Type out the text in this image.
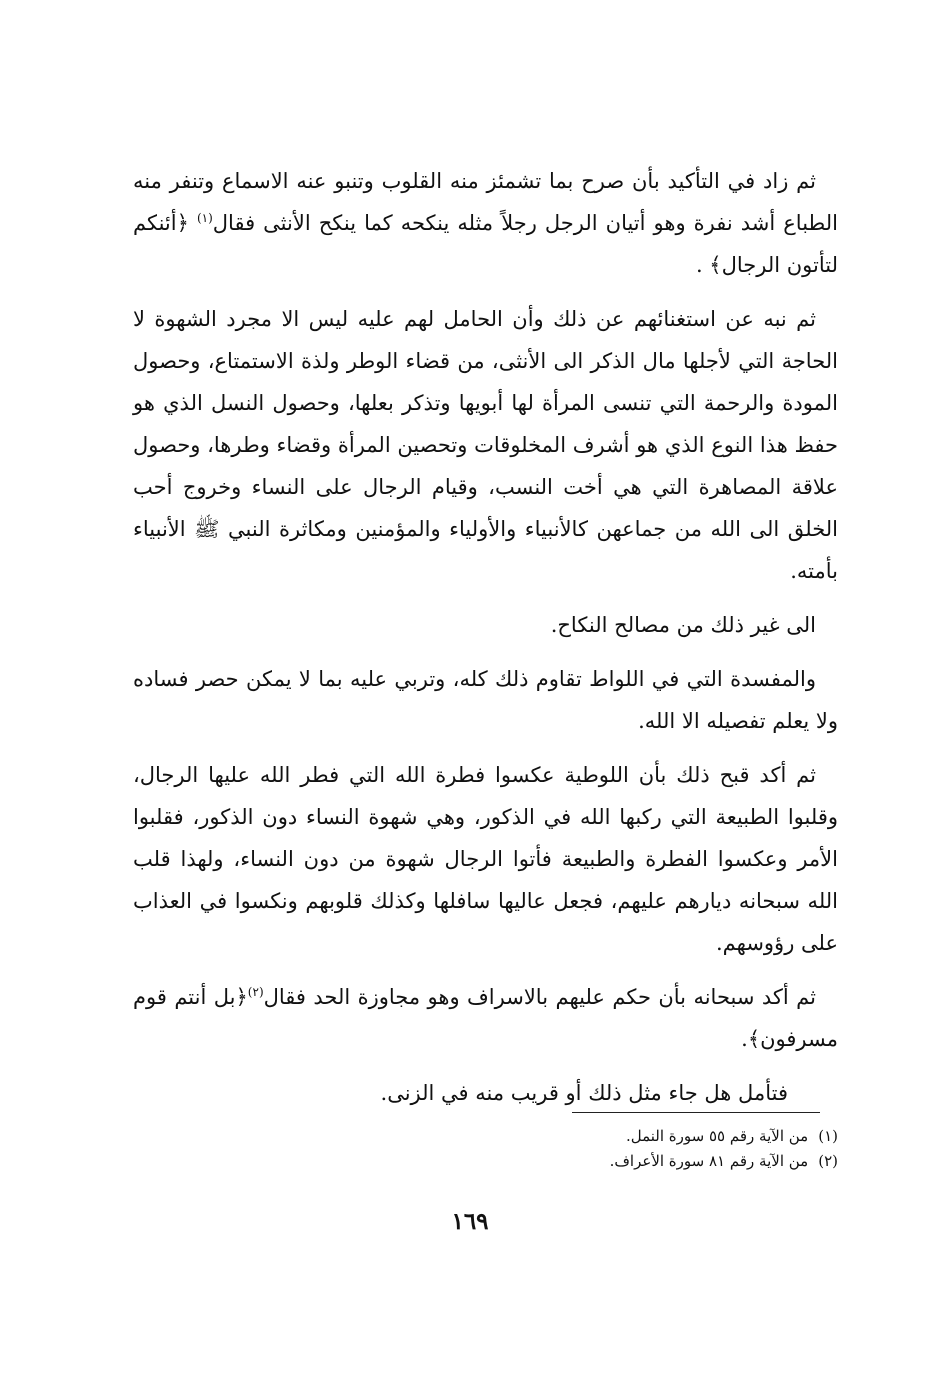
ثم زاد في التأكيد بأن صرح بما تشمئز منه القلوب وتنبو عنه الاسماع وتنفر منه الطباع أشد نفرة وهو أتيان الرجل رجلاً مثله ينكحه كما ينكح الأنثى فقال$^{(١)}$ ﴿أئنكم لتأتون الرجال﴾ .

ثم نبه عن استغنائهم عن ذلك وأن الحامل لهم عليه ليس الا مجرد الشهوة لا الحاجة التي لأجلها مال الذكر الى الأنثى، من قضاء الوطر ولذة الاستمتاع، وحصول المودة والرحمة التي تنسى المرأة لها أبويها وتذكر بعلها، وحصول النسل الذي هو حفظ هذا النوع الذي هو أشرف المخلوقات وتحصين المرأة وقضاء وطرها، وحصول علاقة المصاهرة التي هي أخت النسب، وقيام الرجال على النساء وخروج أحب الخلق الى الله من جماعهن كالأنبياء والأولياء والمؤمنين ومكاثرة النبي ﷺ الأنبياء بأمته.

الى غير ذلك من مصالح النكاح.

والمفسدة التي في اللواط تقاوم ذلك كله، وتربي عليه بما لا يمكن حصر فساده ولا يعلم تفصيله الا الله.

ثم أكد قبح ذلك بأن اللوطية عكسوا فطرة الله التي فطر الله عليها الرجال، وقلبوا الطبيعة التي ركبها الله في الذكور، وهي شهوة النساء دون الذكور، فقلبوا الأمر وعكسوا الفطرة والطبيعة فأتوا الرجال شهوة من دون النساء، ولهذا قلب الله سبحانه ديارهم عليهم، فجعل عاليها سافلها وكذلك قلوبهم ونكسوا في العذاب على رؤوسهم.

ثم أكد سبحانه بأن حكم عليهم بالاسراف وهو مجاوزة الحد فقال$^{(٢)}$﴿بل أنتم قوم مسرفون﴾.

فتأمل هل جاء مثل ذلك أو قريب منه في الزنى.

(١)من الآية رقم ٥٥ سورة النمل.

(٢)من الآية رقم ٨١ سورة الأعراف.

١٦٩
